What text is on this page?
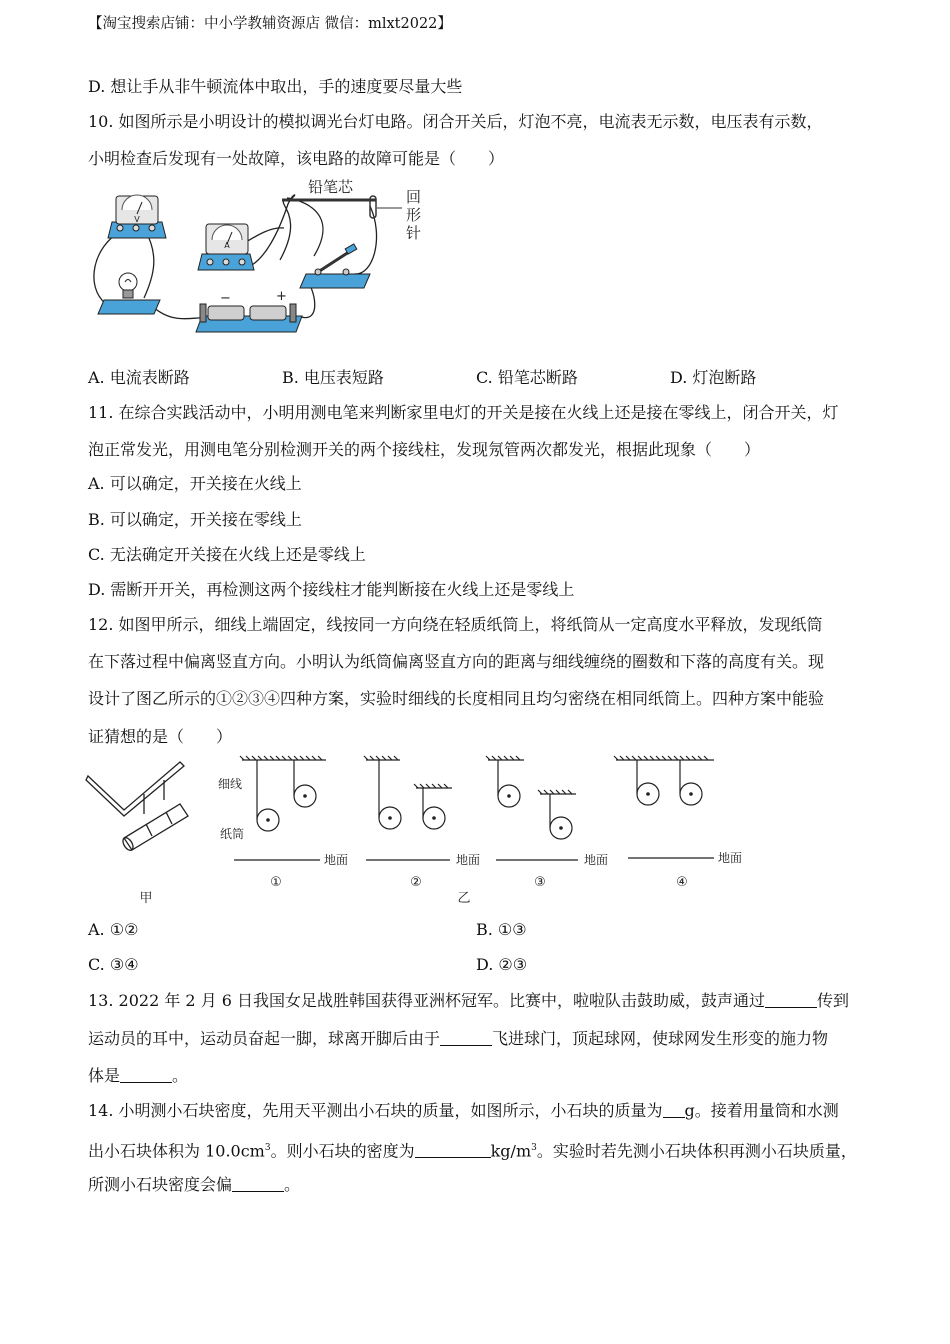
【淘宝搜索店铺：中小学教辅资源店 微信：mlxt2022】
D. 想让手从非牛顿流体中取出，手的速度要尽量大些
10. 如图所示是小明设计的模拟调光台灯电路。闭合开关后，灯泡不亮，电流表无示数，电压表有示数，
小明检查后发现有一处故障，该电路的故障可能是（　　）
V
A
−	+
铅笔芯
回
形
针
A. 电流表断路	B. 电压表短路	C. 铅笔芯断路	D. 灯泡断路
11. 在综合实践活动中，小明用测电笔来判断家里电灯的开关是接在火线上还是接在零线上，闭合开关，灯
泡正常发光，用测电笔分别检测开关的两个接线柱，发现氖管两次都发光，根据此现象（　　）
A. 可以确定，开关接在火线上
B. 可以确定，开关接在零线上
C. 无法确定开关接在火线上还是零线上
D. 需断开开关，再检测这两个接线柱才能判断接在火线上还是零线上
12. 如图甲所示，细线上端固定，线按同一方向绕在轻质纸筒上，将纸筒从一定高度水平释放，发现纸筒
在下落过程中偏离竖直方向。小明认为纸筒偏离竖直方向的距离与细线缠绕的圈数和下落的高度有关。现
设计了图乙所示的①②③④四种方案，实验时细线的长度相同且均匀密绕在相同纸筒上。四种方案中能验
证猜想的是（　　）
甲
细线
纸筒
地面
①
地面
②
乙
地面
③
地面
④
A. ①②	B. ①③
C. ③④	D. ②③
13. 2022 年 2 月 6 日我国女足战胜韩国获得亚洲杯冠军。比赛中，啦啦队击鼓助威，鼓声通过	传到
运动员的耳中，运动员奋起一脚，球离开脚后由于	飞进球门，顶起球网，使球网发生形变的施力物
体是	。
14. 小明测小石块密度，先用天平测出小石块的质量，如图所示，小石块的质量为 g。接着用量筒和水测
出小石块体积为 $10.0cm^3$。则小石块的密度为	$kg/m^3$。实验时若先测小石块体积再测小石块质量，
所测小石块密度会偏	。
